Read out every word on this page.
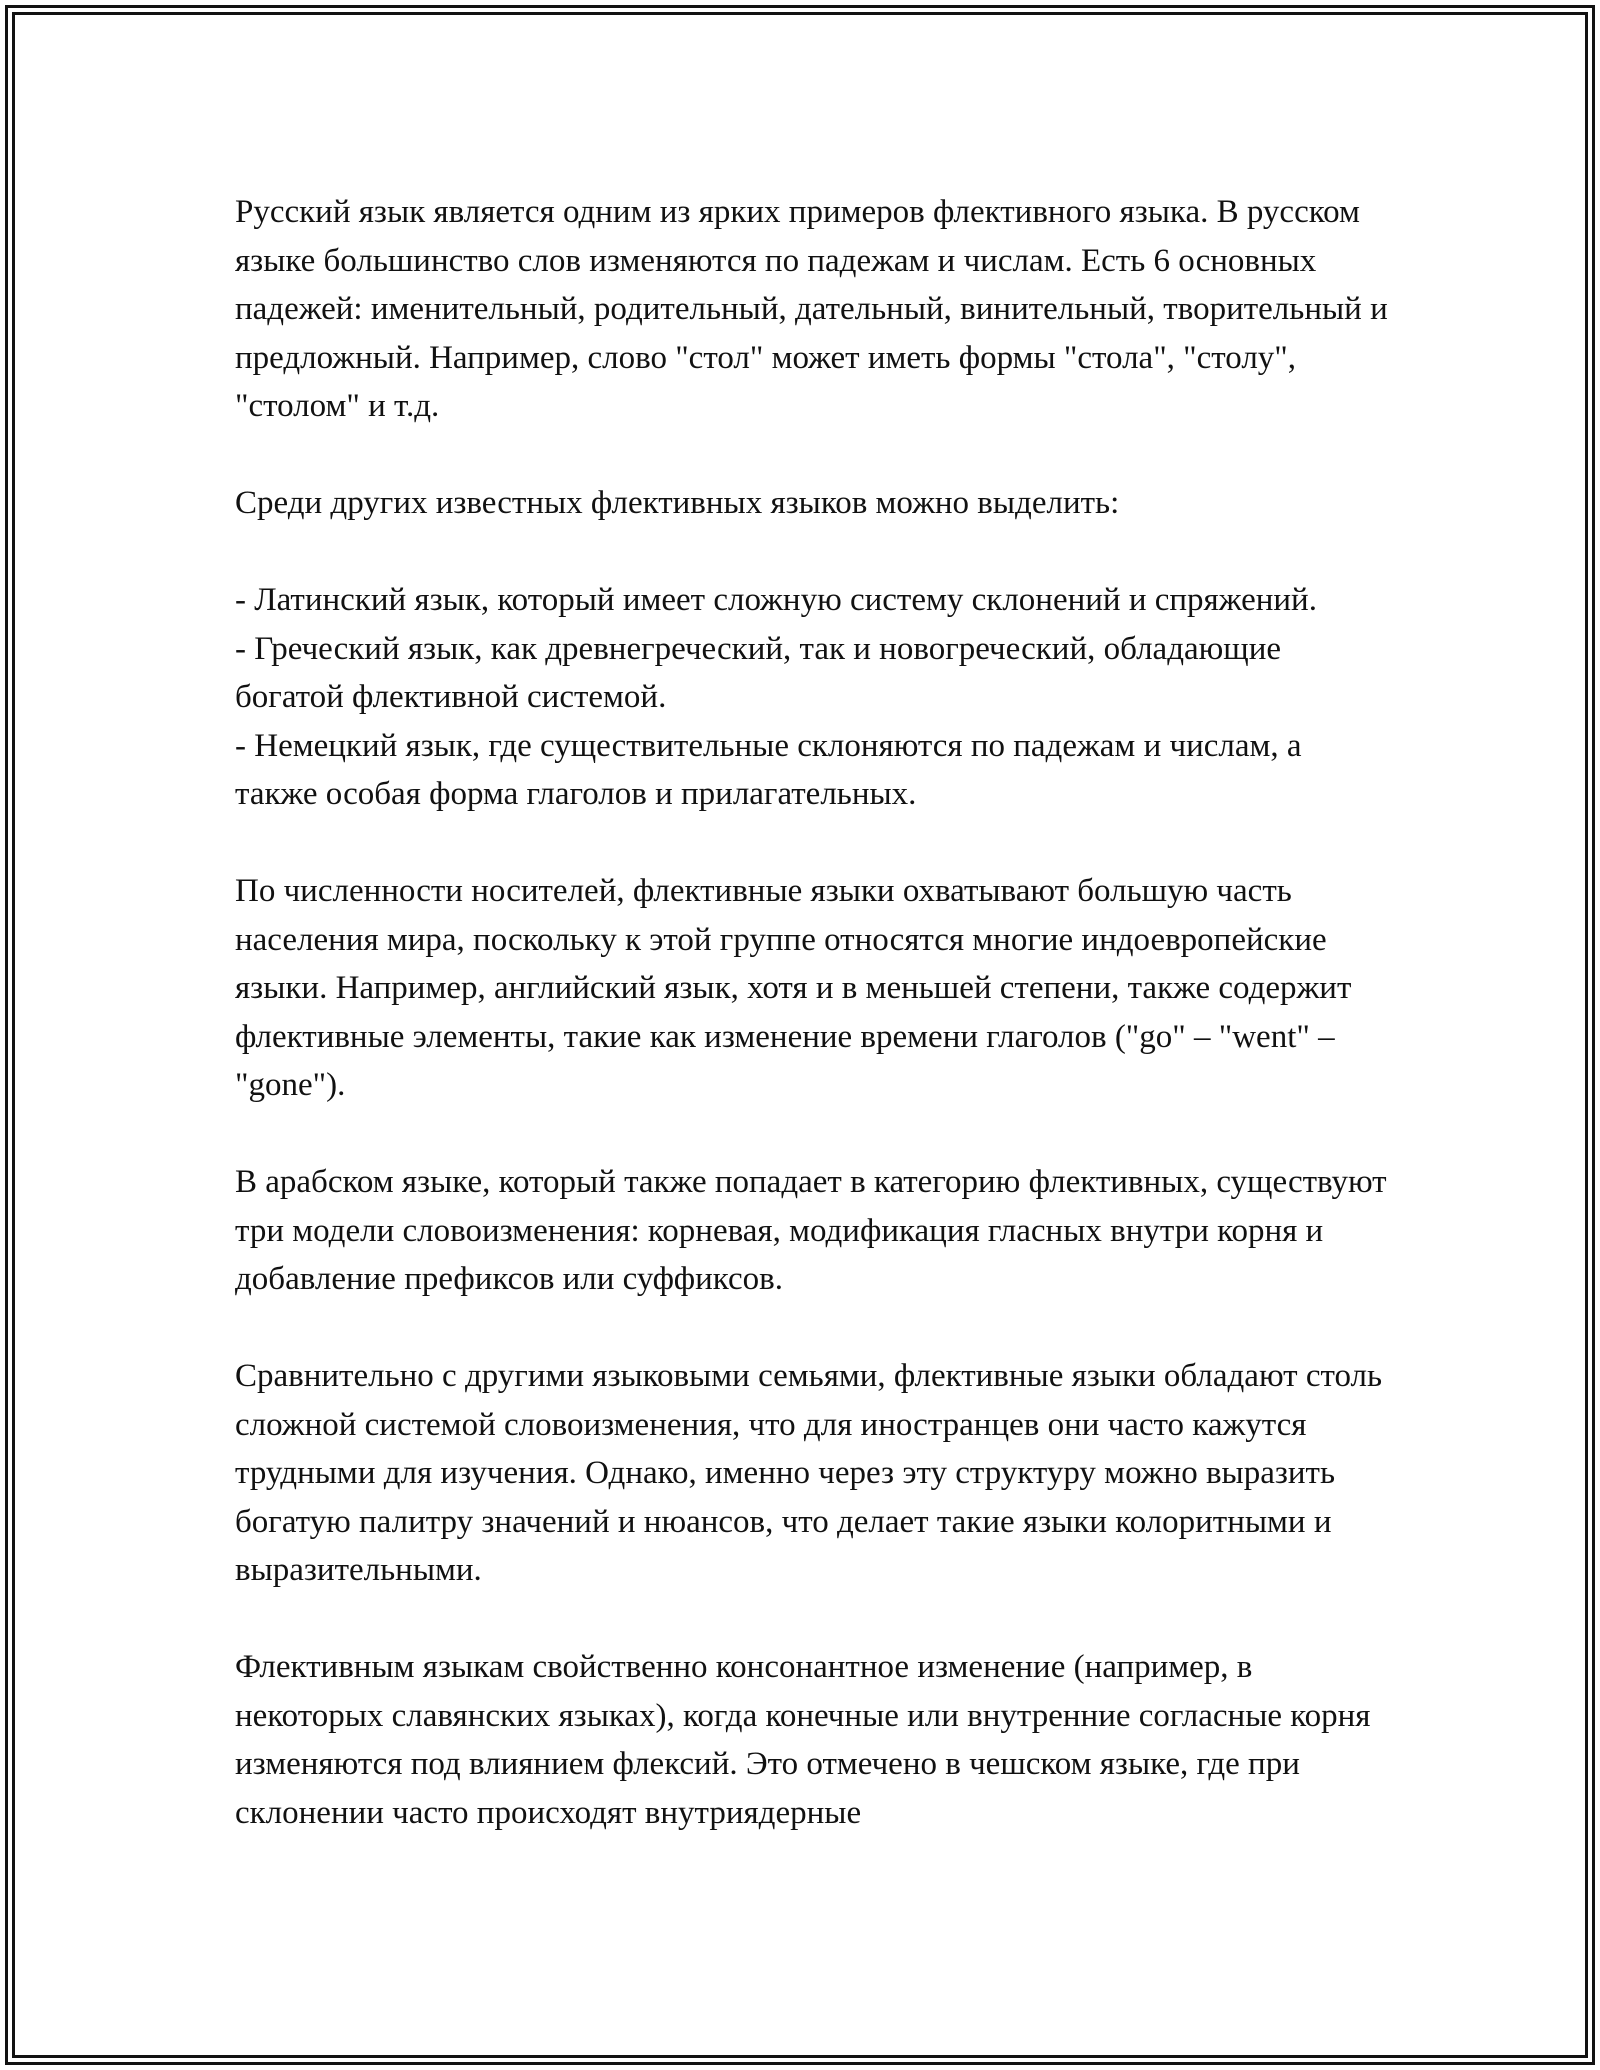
Русский язык является одним из ярких примеров флективного языка. В русском языке большинство слов изменяются по падежам и числам. Есть 6 основных падежей: именительный, родительный, дательный, винительный, творительный и предложный. Например, слово "стол" может иметь формы "стола", "столу", "столом" и т.д.

Среди других известных флективных языков можно выделить:

- Латинский язык, который имеет сложную систему склонений и спряжений.

- Греческий язык, как древнегреческий, так и новогреческий, обладающие богатой флективной системой.

- Немецкий язык, где существительные склоняются по падежам и числам, а также особая форма глаголов и прилагательных.

По численности носителей, флективные языки охватывают большую часть населения мира, поскольку к этой группе относятся многие индоевропейские языки. Например, английский язык, хотя и в меньшей степени, также содержит флективные элементы, такие как изменение времени глаголов ("go" – "went" – "gone").

В арабском языке, который также попадает в категорию флективных, существуют три модели словоизменения: корневая, модификация гласных внутри корня и добавление префиксов или суффиксов.

Сравнительно с другими языковыми семьями, флективные языки обладают столь сложной системой словоизменения, что для иностранцев они часто кажутся трудными для изучения. Однако, именно через эту структуру можно выразить богатую палитру значений и нюансов, что делает такие языки колоритными и выразительными.

Флективным языкам свойственно консонантное изменение (например, в некоторых славянских языках), когда конечные или внутренние согласные корня изменяются под влиянием флексий. Это отмечено в чешском языке, где при склонении часто происходят внутриядерные
